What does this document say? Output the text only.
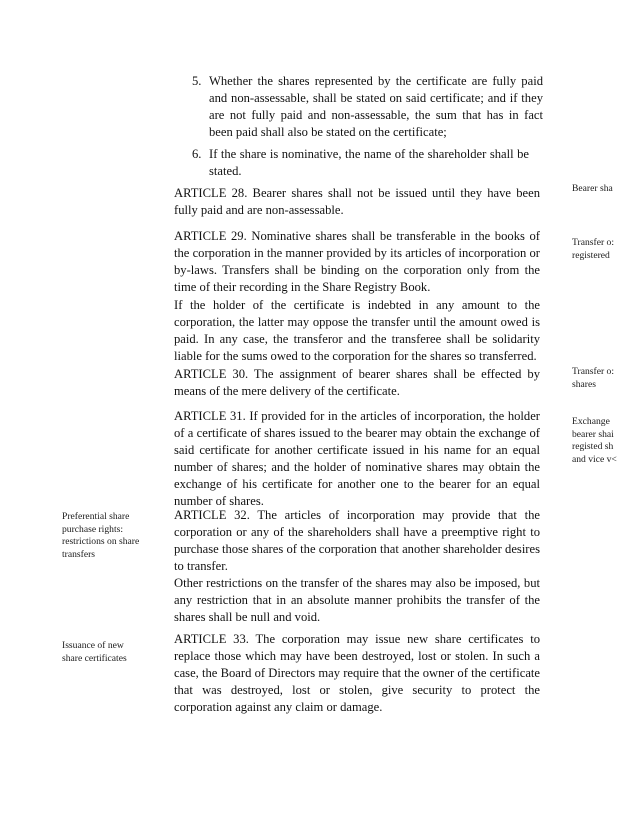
5. Whether the shares represented by the certificate are fully paid and non-assessable, shall be stated on said certificate; and if they are not fully paid and non-assessable, the sum that has in fact been paid shall also be stated on the certificate;
6. If the share is nominative, the name of the shareholder shall be stated.
ARTICLE 28. Bearer shares shall not be issued until they have been fully paid and are non-assessable.
ARTICLE 29. Nominative shares shall be transferable in the books of the corporation in the manner provided by its articles of incorporation or by-laws. Transfers shall be binding on the corporation only from the time of their recording in the Share Registry Book.
If the holder of the certificate is indebted in any amount to the corporation, the latter may oppose the transfer until the amount owed is paid. In any case, the transferor and the transferee shall be solidarity liable for the sums owed to the corporation for the shares so transferred.
ARTICLE 30. The assignment of bearer shares shall be effected by means of the mere delivery of the certificate.
ARTICLE 31. If provided for in the articles of incorporation, the holder of a certificate of shares issued to the bearer may obtain the exchange of said certificate for another certificate issued in his name for an equal number of shares; and the holder of nominative shares may obtain the exchange of his certificate for another one to the bearer for an equal number of shares.
ARTICLE 32. The articles of incorporation may provide that the corporation or any of the shareholders shall have a preemptive right to purchase those shares of the corporation that another shareholder desires to transfer.
Other restrictions on the transfer of the shares may also be imposed, but any restriction that in an absolute manner prohibits the transfer of the shares shall be null and void.
ARTICLE 33. The corporation may issue new share certificates to replace those which may have been destroyed, lost or stolen. In such a case, the Board of Directors may require that the owner of the certificate that was destroyed, lost or stolen, give security to protect the corporation against any claim or damage.
Preferential share
purchase rights:
restrictions on share
transfers
Issuance of new
share certificates
Bearer sha
Transfer o:
registered
Transfer o:
shares
Exchange
bearer shai
registed sh
and vice v<
